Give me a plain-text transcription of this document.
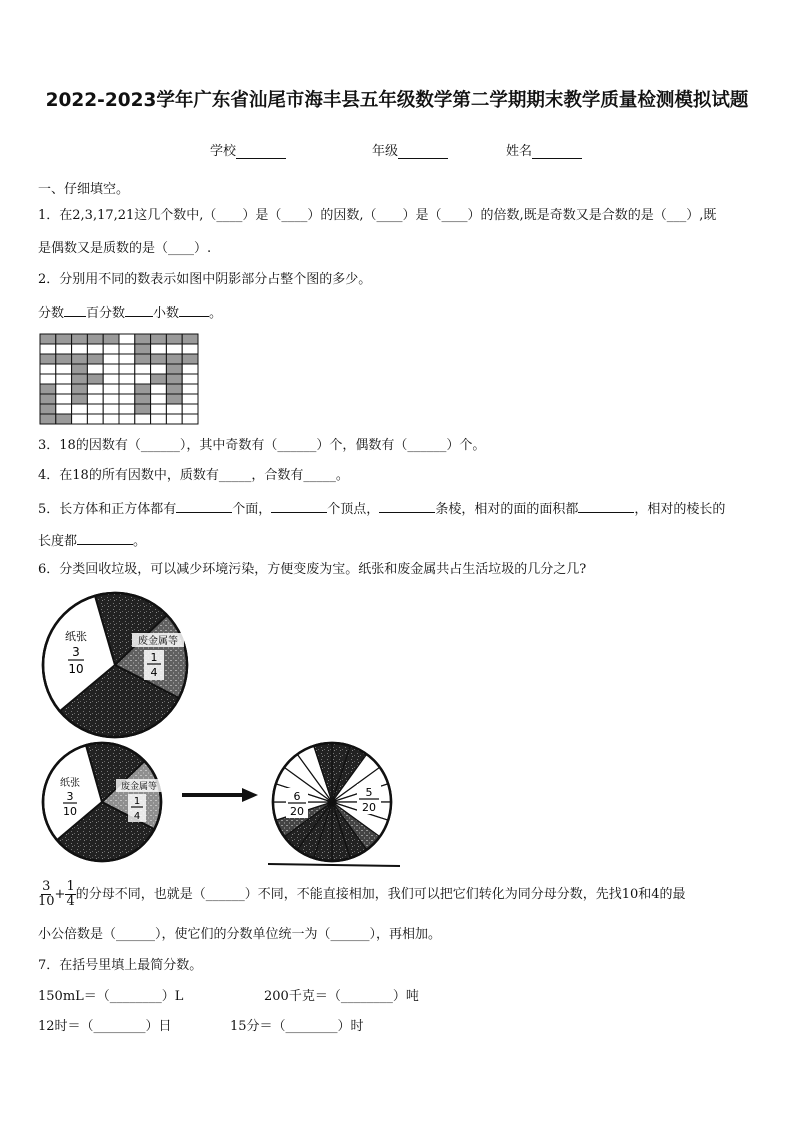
2022-2023学年广东省汕尾市海丰县五年级数学第二学期期末教学质量检测模拟试题
学校	年级	姓名
一、仔细填空。
1．在2,3,17,21这几个数中,（____）是（____）的因数,（____）是（____）的倍数,既是奇数又是合数的是（___）,既
是偶数又是质数的是（____）.
2．分别用不同的数表示如图中阴影部分占整个图的多少。
分数 百分数 小数 。
3．18的因数有（______），其中奇数有（______）个，偶数有（______）个。
4．在18的所有因数中，质数有_____，合数有_____。
5．长方体和正方体都有	个面，	个顶点，	条棱，相对的面的面积都	，相对的棱长的
长度都	。
6．分类回收垃圾，可以减少环境污染，方便变废为宝。纸张和废金属共占生活垃圾的几分之几?
纸张
3
10
废金属等
1
4
纸张
3
10
废金属等
1
4
6
20
5
20
$\frac{3}{10} + \frac{1}{4}$ 的分母不同，也就是（______）不同，不能直接相加，我们可以把它们转化为同分母分数，先找10和4的最
小公倍数是（______），使它们的分数单位统一为（______），再相加。
7．在括号里填上最简分数。
150mL＝（________）L	200千克＝（________）吨
12时＝（________）日	15分＝（________）时
